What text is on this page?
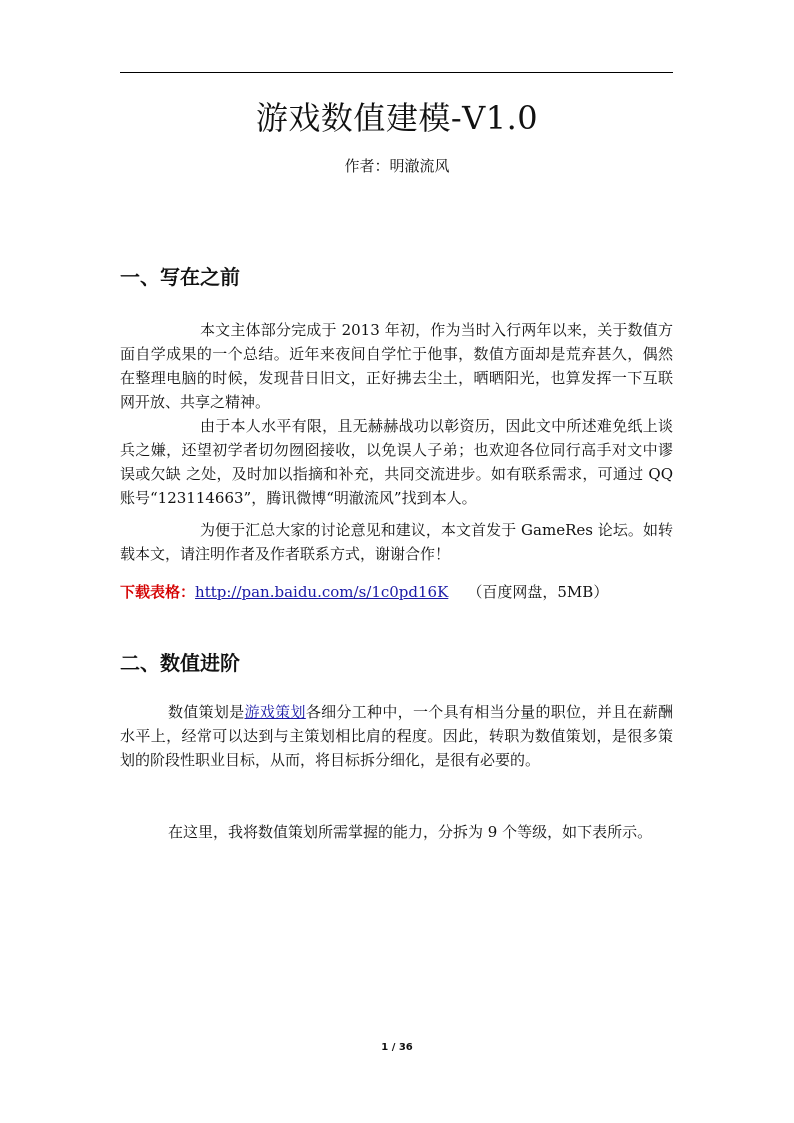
游戏数值建模-V1.0
作者：明澈流风
一、写在之前

本文主体部分完成于 2013 年初，作为当时入行两年以来，关于数值方面自学成果的一个总结。近年来夜间自学忙于他事，数值方面却是荒弃甚久，偶然在整理电脑的时候，发现昔日旧文，正好拂去尘土，晒晒阳光，也算发挥一下互联网开放、共享之精神。

由于本人水平有限，且无赫赫战功以彰资历，因此文中所述难免纸上谈兵之嫌，还望初学者切勿囫囵接收，以免误人子弟；也欢迎各位同行高手对文中谬误或欠缺 之处，及时加以指摘和补充，共同交流进步。如有联系需求，可通过 QQ 账号“123114663”，腾讯微博“明澈流风”找到本人。

为便于汇总大家的讨论意见和建议，本文首发于 GameRes 论坛。如转载本文，请注明作者及作者联系方式，谢谢合作！

下载表格：http://pan.baidu.com/s/1c0pd16K （百度网盘，5MB）

二、数值进阶

数值策划是游戏策划各细分工种中，一个具有相当分量的职位，并且在薪酬水平上，经常可以达到与主策划相比肩的程度。因此，转职为数值策划，是很多策划的阶段性职业目标，从而，将目标拆分细化，是很有必要的。

在这里，我将数值策划所需掌握的能力，分拆为 9 个等级，如下表所示。

1 / 36
